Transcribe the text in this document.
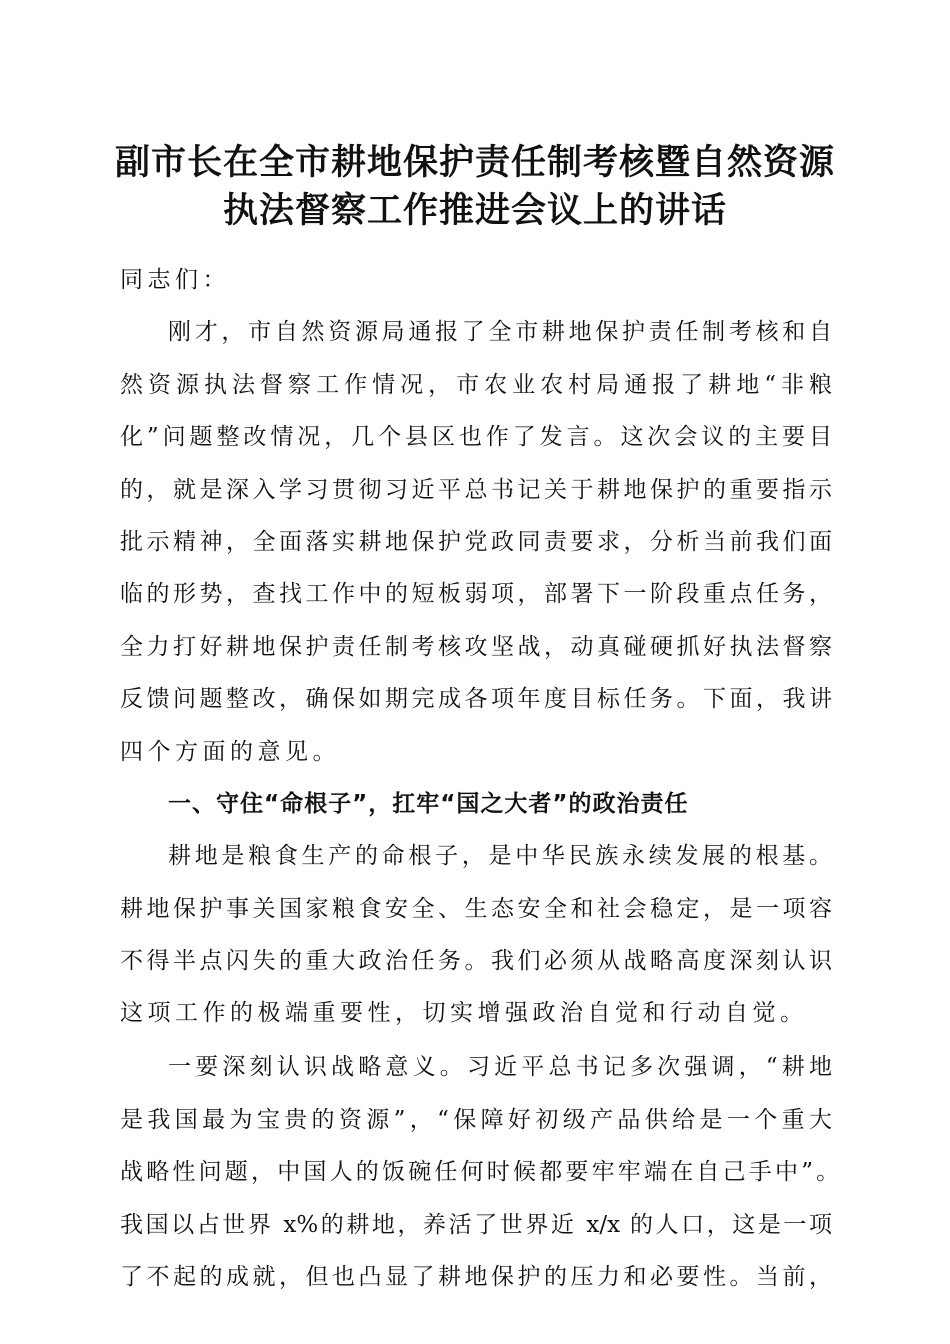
副市长在全市耕地保护责任制考核暨自然资源
执法督察工作推进会议上的讲话
同志们：
刚才，市自然资源局通报了全市耕地保护责任制考核和自
然资源执法督察工作情况，市农业农村局通报了耕地“非粮
化”问题整改情况，几个县区也作了发言。这次会议的主要目
的，就是深入学习贯彻习近平总书记关于耕地保护的重要指示
批示精神，全面落实耕地保护党政同责要求，分析当前我们面
临的形势，查找工作中的短板弱项，部署下一阶段重点任务，
全力打好耕地保护责任制考核攻坚战，动真碰硬抓好执法督察
反馈问题整改，确保如期完成各项年度目标任务。下面，我讲
四个方面的意见。
一、守住“命根子”，扛牢“国之大者”的政治责任
耕地是粮食生产的命根子，是中华民族永续发展的根基。
耕地保护事关国家粮食安全、生态安全和社会稳定，是一项容
不得半点闪失的重大政治任务。我们必须从战略高度深刻认识
这项工作的极端重要性，切实增强政治自觉和行动自觉。
一要深刻认识战略意义。习近平总书记多次强调，“耕地
是我国最为宝贵的资源”，“保障好初级产品供给是一个重大
战略性问题，中国人的饭碗任何时候都要牢牢端在自己手中”。
我国以占世界 x%的耕地，养活了世界近 x/x 的人口，这是一项
了不起的成就，但也凸显了耕地保护的压力和必要性。当前，
